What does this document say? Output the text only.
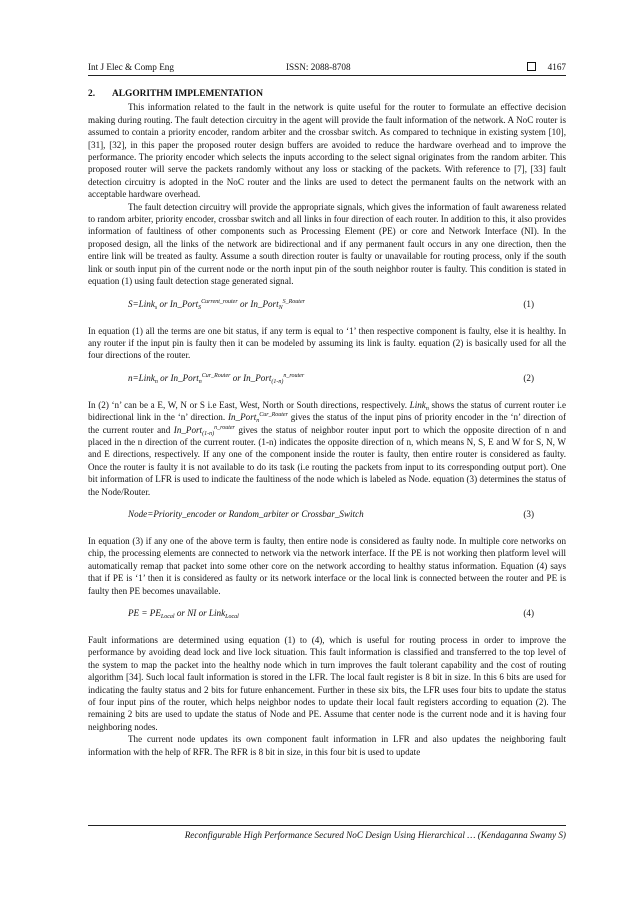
Int J Elec & Comp Eng	ISSN: 2088-8708	4167

2. ALGORITHM IMPLEMENTATION

This information related to the fault in the network is quite useful for the router to formulate an effective decision making during routing. The fault detection circuitry in the agent will provide the fault information of the network. A NoC router is assumed to contain a priority encoder, random arbiter and the crossbar switch. As compared to technique in existing system [10], [31], [32], in this paper the proposed router design buffers are avoided to reduce the hardware overhead and to improve the performance. The priority encoder which selects the inputs according to the select signal originates from the random arbiter. This proposed router will serve the packets randomly without any loss or stacking of the packets. With reference to [7], [33] fault detection circuitry is adopted in the NoC router and the links are used to detect the permanent faults on the network with an acceptable hardware overhead.

The fault detection circuitry will provide the appropriate signals, which gives the information of fault awareness related to random arbiter, priority encoder, crossbar switch and all links in four direction of each router. In addition to this, it also provides information of faultiness of other components such as Processing Element (PE) or core and Network Interface (NI). In the proposed design, all the links of the network are bidirectional and if any permanent fault occurs in any one direction, then the entire link will be treated as faulty. Assume a south direction router is faulty or unavailable for routing process, only if the south link or south input pin of the current node or the north input pin of the south neighbor router is faulty. This condition is stated in equation (1) using fault detection stage generated signal.

S=Link$_s$ or In_Port$_S^{Current\_router}$ or In_Port$_N^{S\_Router}$	(1)

In equation (1) all the terms are one bit status, if any term is equal to ‘1’ then respective component is faulty, else it is healthy. In any router if the input pin is faulty then it can be modeled by assuming its link is faulty. equation (2) is basically used for all the four directions of the router.

n=Link$_n$ or In_Port$_n^{Cur\_Router}$ or In_Port$_{(1-n)}^{n\_router}$	(2)

In (2) ‘n’ can be a E, W, N or S i.e East, West, North or South directions, respectively. Link$_n$ shows the status of current router i.e bidirectional link in the ‘n’ direction. In_Port$_n^{Cur\_Router}$ gives the status of the input pins of priority encoder in the ‘n’ direction of the current router and In_Port$_{(1-n)}^{n\_router}$ gives the status of neighbor router input port to which the opposite direction of n and placed in the n direction of the current router. (1-n) indicates the opposite direction of n, which means N, S, E and W for S, N, W and E directions, respectively. If any one of the component inside the router is faulty, then entire router is considered as faulty. Once the router is faulty it is not available to do its task (i.e routing the packets from input to its corresponding output port). One bit information of LFR is used to indicate the faultiness of the node which is labeled as Node. equation (3) determines the status of the Node/Router.

Node=Priority_encoder or Random_arbiter or Crossbar_Switch	(3)

In equation (3) if any one of the above term is faulty, then entire node is considered as faulty node. In multiple core networks on chip, the processing elements are connected to network via the network interface. If the PE is not working then platform level will automatically remap that packet into some other core on the network according to healthy status information. Equation (4) says that if PE is ‘1’ then it is considered as faulty or its network interface or the local link is connected between the router and PE is faulty then PE becomes unavailable.

PE = $PE_{Local}$ or NI or Link$_{Local}$	(4)

Fault informations are determined using equation (1) to (4), which is useful for routing process in order to improve the performance by avoiding dead lock and live lock situation. This fault information is classified and transferred to the top level of the system to map the packet into the healthy node which in turn improves the fault tolerant capability and the cost of routing algorithm [34]. Such local fault information is stored in the LFR. The local fault register is 8 bit in size. In this 6 bits are used for indicating the faulty status and 2 bits for future enhancement. Further in these six bits, the LFR uses four bits to update the status of four input pins of the router, which helps neighbor nodes to update their local fault registers according to equation (2). The remaining 2 bits are used to update the status of Node and PE. Assume that center node is the current node and it is having four neighboring nodes.

The current node updates its own component fault information in LFR and also updates the neighboring fault information with the help of RFR. The RFR is 8 bit in size, in this four bit is used to update

Reconfigurable High Performance Secured NoC Design Using Hierarchical … (Kendaganna Swamy S)
